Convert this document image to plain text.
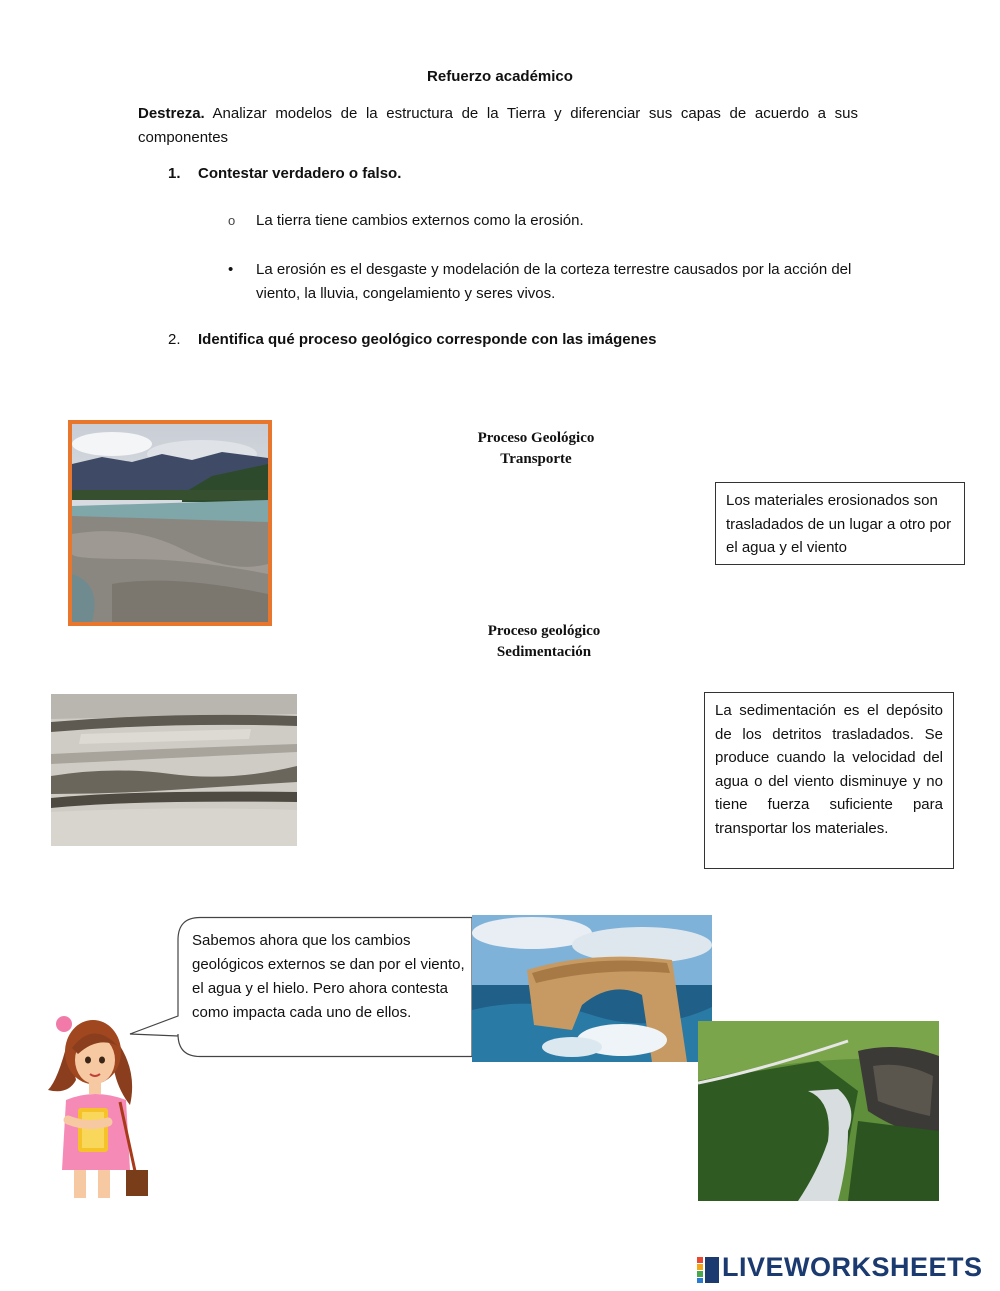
Refuerzo académico
Destreza. Analizar modelos de la estructura de la Tierra y diferenciar sus capas de acuerdo a sus componentes
1. Contestar verdadero o falso.
o La tierra tiene cambios externos como la erosión.
• La erosión es el desgaste y modelación de la corteza terrestre causados por la acción del viento, la lluvia, congelamiento y seres vivos.
2. Identifica qué proceso geológico corresponde con las imágenes
Proceso Geológico
Transporte
Los materiales erosionados son trasladados de un lugar a otro por el agua y el viento
Proceso geológico
Sedimentación
La sedimentación es el depósito de los detritos trasladados. Se produce cuando la velocidad del agua o del viento disminuye y no tiene fuerza suficiente para transportar los materiales.
Sabemos ahora que los cambios geológicos externos se dan por el viento, el agua y el hielo. Pero ahora contesta como impacta cada uno de ellos.
LIVEWORKSHEETS
